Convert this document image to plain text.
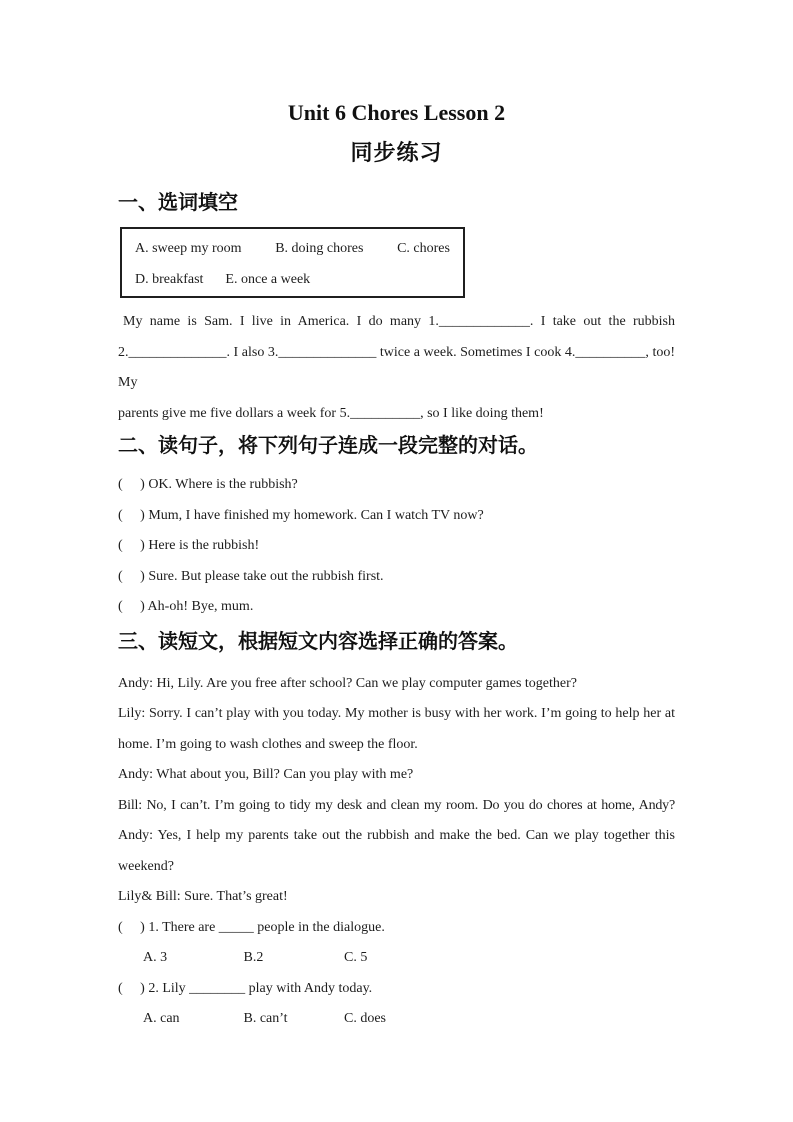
Unit 6 Chores Lesson 2
同步练习
一、选词填空
A. sweep my room B. doing chores C. chores
D. breakfast E. once a week
My name is Sam. I live in America. I do many 1._____________. I take out the rubbish
2.______________. I also 3.______________ twice a week. Sometimes I cook 4.__________, too! My
parents give me five dollars a week for 5.__________, so I like doing them!
二、读句子，将下列句子连成一段完整的对话。
(     ) OK. Where is the rubbish?
(     ) Mum, I have finished my homework. Can I watch TV now?
(     ) Here is the rubbish!
(     ) Sure. But please take out the rubbish first.
(     ) Ah-oh! Bye, mum.
三、读短文，根据短文内容选择正确的答案。
Andy: Hi, Lily. Are you free after school? Can we play computer games together?
Lily: Sorry. I can’t play with you today. My mother is busy with her work. I’m going to help her at
home. I’m going to wash clothes and sweep the floor.
Andy: What about you, Bill? Can you play with me?
Bill: No, I can’t. I’m going to tidy my desk and clean my room. Do you do chores at home, Andy?
Andy: Yes, I help my parents take out the rubbish and make the bed. Can we play together this
weekend?
Lily& Bill: Sure. That’s great!
(     ) 1. There are _____ people in the dialogue.
A. 3	B.2	C. 5
(     ) 2. Lily ________ play with Andy today.
A. can	B. can’t	C. does
